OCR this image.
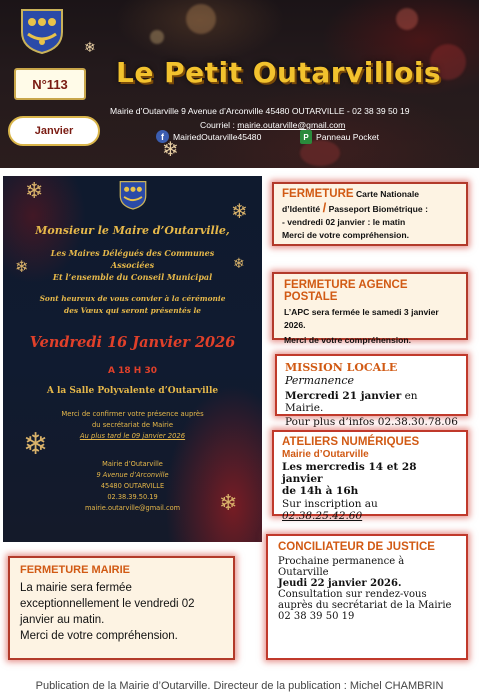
N°113
Janvier
Le Petit Outarvillois
Mairie d’Outarville 9 Avenue d’Arconville 45480 OUTARVILLE - 02 38 39 50 19
Courriel : mairie.outarville@gmail.com
f	MairiedOutarville45480	P Panneau Pocket
❄
❄
❄
❄
❄
❄
❄
❄
Monsieur le Maire d’Outarville,
Les Maires Délégués des Communes
Associées
Et l’ensemble du Conseil Municipal
Sont heureux de vous convier à la cérémonie
des Vœux qui seront présentés le
Vendredi 16 Janvier 2026
A 18 H 30
A la Salle Polyvalente d’Outarville
Merci de confirmer votre présence auprès
du secrétariat de Mairie
Au plus tard le 09 janvier 2026
Mairie d’Outarville
9 Avenue d’Arconville
45480 OUTARVILLE
02.38.39.50.19
mairie.outarville@gmail.com
FERMETURE Carte Nationale
d’Identité / Passeport Biométrique :
- vendredi 02 janvier : le matin
Merci de votre compréhension.
FERMETURE AGENCE POSTALE
L’APC sera fermée le samedi 3 janvier
2026.
Merci de votre compréhension.
MISSION LOCALE Permanence
Mercredi 21 janvier en Mairie.
Pour plus d’infos 02.38.30.78.06
ATELIERS NUMÉRIQUES
Mairie d’Outarville
Les mercredis 14 et 28 janvier
de 14h à 16h
Sur inscription au 02.38.25.42.60
CONCILIATEUR DE JUSTICE
Prochaine permanence à
Outarville
Jeudi 22 janvier 2026.
Consultation sur rendez-vous
auprès du secrétariat de la Mairie
02 38 39 50 19
FERMETURE MAIRIE
La mairie sera fermée
exceptionnellement le vendredi 02
janvier au matin.
Merci de votre compréhension.
Publication de la Mairie d’Outarville. Directeur de la publication : Michel CHAMBRIN
